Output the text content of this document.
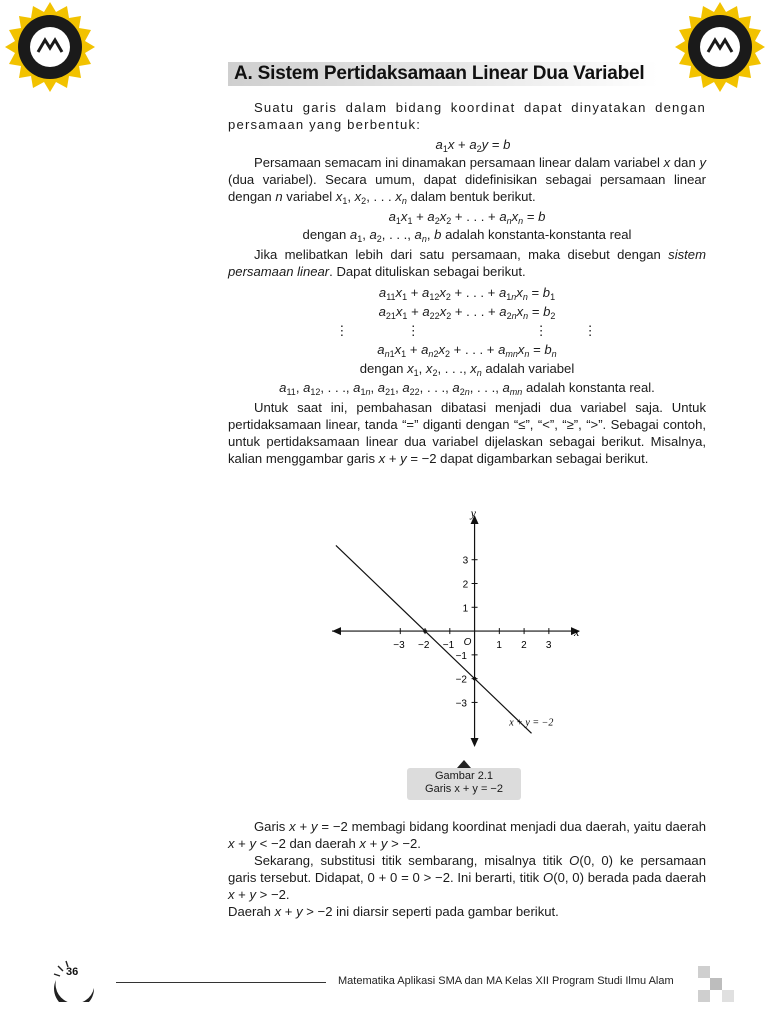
A. Sistem Pertidaksamaan Linear Dua Variabel

Suatu garis dalam bidang koordinat dapat dinyatakan dengan persamaan yang berbentuk:

$a_1x + a_2y = b$

Persamaan semacam ini dinamakan persamaan linear dalam variabel x dan y (dua variabel). Secara umum, dapat didefinisikan sebagai persamaan linear dengan n variabel $x_1$, $x_2$, . . . $x_n$ dalam bentuk berikut.

$a_1x_1 + a_2x_2$ + . . . + $a_nx_n = b$

dengan $a_1$, $a_2$, . . ., $a_n$, b adalah konstanta-konstanta real

Jika melibatkan lebih dari satu persamaan, maka disebut dengan sistem persamaan linear. Dapat dituliskan sebagai berikut.

$a_{11}x_1 + a_{12}x_2$ + . . . + $a_{1n}x_n = b_1$

$a_{21}x_1 + a_{22}x_2$ + . . . + $a_{2n}x_n = b_2$

⋮          ⋮                    ⋮      ⋮

$a_{n1}x_1 + a_{n2}x_2$ + . . . + $a_{mn}x_n = b_n$

dengan $x_1$, $x_2$, . . ., $x_n$ adalah variabel

$a_{11}$, $a_{12}$, . . ., $a_{1n}$, $a_{21}$, $a_{22}$, . . ., $a_{2n}$, . . ., $a_{mn}$ adalah konstanta real.

Untuk saat ini, pembahasan dibatasi menjadi dua variabel saja. Untuk pertidaksamaan linear, tanda “=” diganti dengan “≤”, “<”, “≥”, “>”. Sebagai contoh, untuk pertidaksamaan linear dua variabel dijelaskan sebagai berikut. Misalnya, kalian menggambar garis x + y = −2 dapat digambarkan sebagai berikut.

x
y
O
−3 −2 −1	1 2 3
3
2
1
−1
−2
−3
x + y = −2
Gambar 2.1
Garis x + y = −2

Garis x + y = −2 membagi bidang koordinat menjadi dua daerah, yaitu daerah x + y < −2 dan daerah x + y > −2.

Sekarang, substitusi titik sembarang, misalnya titik O(0, 0) ke persamaan garis tersebut. Didapat, 0 + 0 = 0 > −2. Ini berarti, titik O(0, 0) berada pada daerah x + y > −2.

Daerah x + y > −2 ini diarsir seperti pada gambar berikut.

36
Matematika Aplikasi SMA dan MA Kelas XII Program Studi Ilmu Alam
